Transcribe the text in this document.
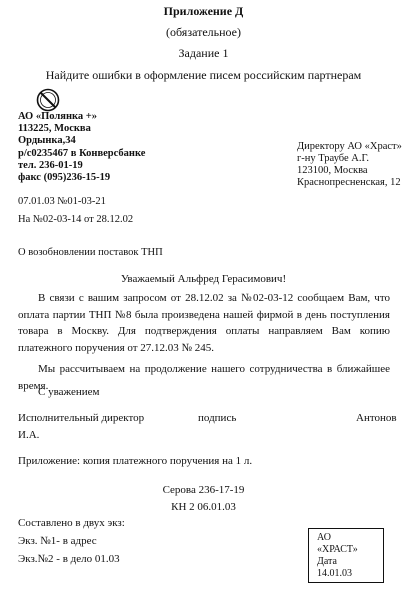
Приложение Д
(обязательное)
Задание 1
Найдите ошибки в оформление писем российским партнерам
АО «Полянка +»
113225, Москва
Ордынка,34
р/с0235467 в Конверсбанке
тел. 236-01-19
факс (095)236-15-19
Директору АО «Храст»
г-ну Траубе А.Г.
123100, Москва
Краснопресненская, 12
07.01.03 №01-03-21
На №02-03-14 от 28.12.02
О возобновлении поставок ТНП
Уважаемый Альфред Герасимович!
В связи с вашим запросом от 28.12.02 за №02-03-12 сообщаем Вам, что оплата партии ТНП №8 была произведена нашей фирмой в день поступления товара в Москву. Для подтверждения оплаты направляем Вам копию платежного поручения от 27.12.03 № 245.
Мы рассчитываем на продолжение нашего сотрудничества в ближайшее время.
С уважением
Исполнительный директор	подпись	Антонов
И.А.
Приложение: копия платежного поручения на 1 л.
Серова 236-17-19
КН 2 06.01.03
Составлено в двух экз:
Экз. №1- в адрес
Экз.№2 - в дело 01.03
АО
«ХРАСТ»
Дата
14.01.03
